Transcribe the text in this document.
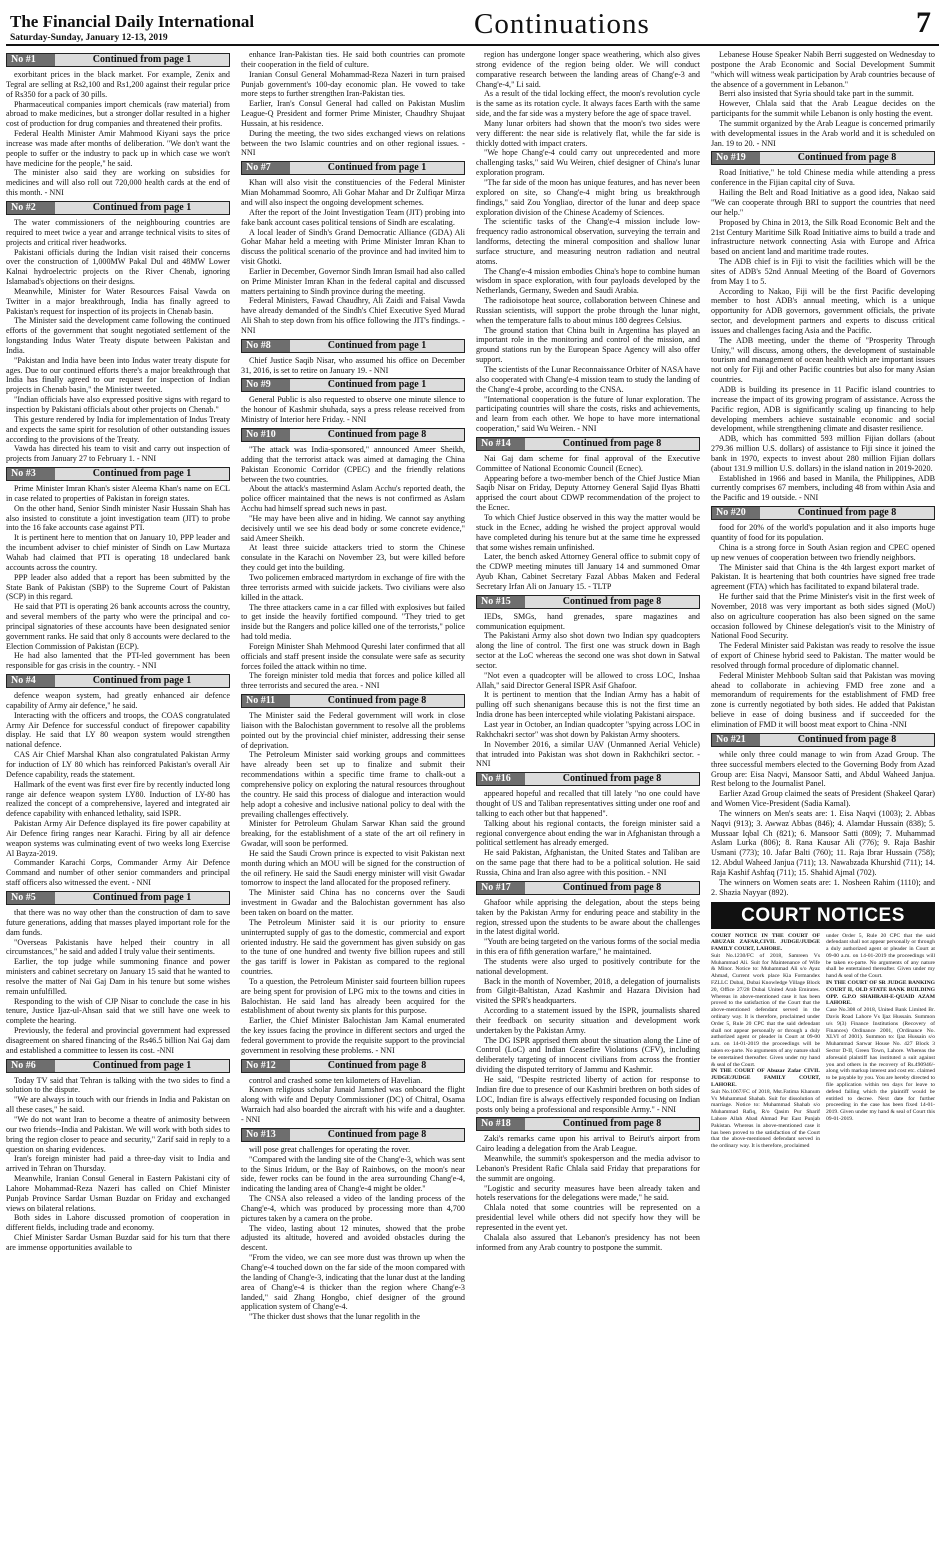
The Financial Daily International
Saturday-Sunday, January 12-13, 2019	Continuations	7
No #1	Continued from page 1

exorbitant prices in the black market. For example, Zenix and Tegral are selling at Rs2,100 and Rs1,200 against their regular price of Rs350 for a pack of 30 pills.

Pharmaceutical companies import chemicals (raw material) from abroad to make medicines, but a stronger dollar resulted in a higher cost of production for drug companies and threatened their profits.

Federal Health Minister Amir Mahmood Kiyani says the price increase was made after months of deliberation. "We don't want the people to suffer or the industry to pack up in which case we won't have medicine for the people," he said.

The minister also said they are working on subsidies for medicines and will also roll out 720,000 health cards at the end of this month. - NNI

No #2	Continued from page 1

The water commissioners of the neighbouring countries are required to meet twice a year and arrange technical visits to sites of projects and critical river headworks.

Pakistani officials during the Indian visit raised their concerns over the construction of 1,000MW Pakal Dul and 48MW Lower Kalnai hydroelectric projects on the River Chenab, ignoring Islamabad's objections on their designs.

Meanwhile, Minister for Water Resources Faisal Vawda on Twitter in a major breakthrough, India has finally agreed to Pakistan's request for inspection of its projects in Chenab basin.

The Minister said the development came following the continued efforts of the government that sought negotiated settlement of the longstanding Indus Water Treaty dispute between Pakistan and India.

"Pakistan and India have been into Indus water treaty dispute for ages. Due to our continued efforts there's a major breakthrough that India has finally agreed to our request for inspection of Indian projects in Chenab basin," the Minister tweeted.

"Indian officials have also expressed positive signs with regard to inspection by Pakistani officials about other projects on Chenab."

This gesture rendered by India for implementation of Indus Treaty and expects the same spirit for resolution of other outstanding issues according to the provisions of the Treaty.

Vawda has directed his team to visit and carry out inspection of projects from January 27 to February 1. - NNI

No #3	Continued from page 1

Prime Minister Imran Khan's sister Aleema Khan's name on ECL in case related to properties of Pakistan in foreign states.

On the other hand, Senior Sindh minister Nasir Hussain Shah has also insisted to constitute a joint investigation team (JIT) to probe into the 16 fake accounts case against PTI.

It is pertinent here to mention that on January 10, PPP leader and the incumbent adviser to chief minister of Sindh on Law Murtaza Wahab had claimed that PTI is operating 18 undeclared bank accounts across the country.

PPP leader also added that a report has been submitted by the State Bank of Pakistan (SBP) to the Supreme Court of Pakistan (SCP) in this regard.

He said that PTI is operating 26 bank accounts across the country, and several members of the party who were the principal and co-principal signatories of these accounts have been designated senior government ranks. He said that only 8 accounts were declared to the Election Commission of Pakistan (ECP).

He had also lamented that the PTI-led government has been responsible for gas crisis in the country. - NNI

No #4	Continued from page 1

defence weapon system, had greatly enhanced air defence capability of Army air defence," he said.

Interacting with the officers and troops, the COAS congratulated Army Air Defence for successful conduct of firepower capability display. He said that LY 80 weapon system would strengthen national defence.

CAS Air Chief Marshal Khan also congratulated Pakistan Army for induction of LY 80 which has reinforced Pakistan's overall Air Defence capability, reads the statement.

Hallmark of the event was first ever fire by recently inducted long range air defence weapon system LY80. Induction of LY-80 has realized the concept of a comprehensive, layered and integrated air defence capability with enhanced lethality, said ISPR.

Pakistan Army Air Defence displayed its fire power capability at Air Defence firing ranges near Karachi. Firing by all air defence weapon systems was culminating event of two weeks long Exercise Al Bayza-2019.

Commander Karachi Corps, Commander Army Air Defence Command and number of other senior commanders and principal staff officers also witnessed the event. - NNI

No #5	Continued from page 1

that there was no way other than the construction of dam to save future generations, adding that masses played important role for the dam funds.

"Overseas Pakistanis have helped their country in all circumstances," he said and added I truly value their sentiments.

Earlier, the top judge while summoning finance and power ministers and cabinet secretary on January 15 said that he wanted to resolve the matter of Nai Gaj Dam in his tenure but some wishes remain unfulfilled.

Responding to the wish of CJP Nisar to conclude the case in his tenure, Justice Ijaz-ul-Ahsan said that we still have one week to complete the hearing.

Previously, the federal and provincial government had expressed disagreement on shared financing of the Rs46.5 billion Nai Gaj dam and established a committee to lessen its cost. -NNI

No #6	Continued from page 1

Today TV said that Tehran is talking with the two sides to find a solution to the dispute.

"We are always in touch with our friends in India and Pakistan on all these cases," he said.

"We do not want Iran to become a theatre of animosity between our two friends--India and Pakistan. We will work with both sides to bring the region closer to peace and security," Zarif said in reply to a question on sharing evidences.

Iran's foreign minister had paid a three-day visit to India and arrived in Tehran on Thursday.

Meanwhile, Iranian Consul General in Eastern Pakistani city of Lahore Mohammad-Reza Nazeri has called on Chief Minister Punjab Province Sardar Usman Buzdar on Friday and exchanged views on bilateral relations.

Both sides in Lahore discussed promotion of cooperation in different fields, including trade and economy.

Chief Minister Sardar Usman Buzdar said for his turn that there are immense opportunities available to

enhance Iran-Pakistan ties. He said both countries can promote their cooperation in the field of culture.

Iranian Consul General Mohammad-Reza Nazeri in turn praised Punjab government's 100-day economic plan. He vowed to take more steps to further strengthen Iran-Pakistan ties.

Earlier, Iran's Consul General had called on Pakistan Muslim League-Q President and former Prime Minister, Chaudhry Shujaat Hussain, at his residence.

During the meeting, the two sides exchanged views on relations between the two Islamic countries and on other regional issues. - NNI

No #7	Continued from page 1

Khan will also visit the constituencies of the Federal Minister Mian Mohammad Soomro, Ali Gohar Mahar and Dr Zulfiqar Mirza and will also inspect the ongoing development schemes.

After the report of the Joint Investigation Team (JIT) probing into fake bank account cases political tensions of Sindh are escalating.

A local leader of Sindh's Grand Democratic Alliance (GDA) Ali Gohar Mahar held a meeting with Prime Minister Imran Khan to discuss the political scenario of the province and had invited him to visit Ghotki.

Earlier in December, Governor Sindh Imran Ismail had also called on Prime Minister Imran Khan in the federal capital and discussed matters pertaining to Sindh province during the meeting.

Federal Ministers, Fawad Chaudhry, Ali Zaidi and Faisal Vawda have already demanded of the Sindh's Chief Executive Syed Murad Ali Shah to step down from his office following the JIT's findings. - NNI

No #8	Continued from page 1

Chief Justice Saqib Nisar, who assumed his office on December 31, 2016, is set to retire on January 19. - NNI

No #9	Continued from page 1

General Public is also requested to observe one minute silence to the honour of Kashmir shuhada, says a press release received from Ministry of Interior here Friday. - NNI

No #10	Continued from page 8

"The attack was India-sponsored," announced Ameer Sheikh, adding that the terrorist attack was aimed at damaging the China Pakistan Economic Corridor (CPEC) and the friendly relations between the two countries.

About the attack's mastermind Aslam Acchu's reported death, the police officer maintained that the news is not confirmed as Aslam Acchu had himself spread such news in past.

"He may have been alive and in hiding. We cannot say anything decisively until we see his dead body or some concrete evidence," said Ameer Sheikh.

At least three suicide attackers tried to storm the Chinese consulate in the Karachi on November 23, but were killed before they could get into the building.

Two policemen embraced martyrdom in exchange of fire with the three terrorists armed with suicide jackets. Two civilians were also killed in the attack.

The three attackers came in a car filled with explosives but failed to get inside the heavily fortified compound. "They tried to get inside but the Rangers and police killed one of the terrorists," police had told media.

Foreign Minister Shah Mehmood Qureshi later confirmed that all officials and staff present inside the consulate were safe as security forces foiled the attack within no time.

The foreign minister told media that forces and police killed all three terrorists and secured the area. - NNI

No #11	Continued from page 8

The Minister said the Federal government will work in close liaison with the Balochistan government to resolve all the problems pointed out by the provincial chief minister, addressing their sense of deprivation.

The Petroleum Minister said working groups and committees have already been set up to finalize and submit their recommendations within a specific time frame to chalk-out a comprehensive policy on exploring the natural resources throughout the country. He said this process of dialogue and interaction would help adopt a cohesive and inclusive national policy to deal with the prevailing challenges effectively.

Minister for Petroleum Ghulam Sarwar Khan said the ground breaking, for the establishment of a state of the art oil refinery in Gwadar, will soon be performed.

He said the Saudi Crown prince is expected to visit Pakistan next month during which an MOU will be signed for the construction of the oil refinery. He said the Saudi energy minister will visit Gwadar tomorrow to inspect the land allocated for the proposed refinery.

The Minister said China has no concerns over the Saudi investment in Gwadar and the Balochistan government has also been taken on board on the matter.

The Petroleum Minister said it is our priority to ensure uninterrupted supply of gas to the domestic, commercial and export oriented industry. He said the government has given subsidy on gas to the tune of one hundred and twenty five billion rupees and still the gas tariff is lower in Pakistan as compared to the regional countries.

To a question, the Petroleum Minister said fourteen billion rupees are being spent for provision of LPG mix to the towns and cities in Balochistan. He said land has already been acquired for the establishment of about twenty six plants for this purpose.

Earlier, the Chief Minister Balochistan Jam Kamal enumerated the key issues facing the province in different sectors and urged the federal government to provide the requisite support to the provincial government in resolving these problems. - NNI

No #12	Continued from page 8

control and crashed some ten kilometers of Havelian.

Known religious scholar Junaid Jamshed was onboard the flight along with wife and Deputy Commissioner (DC) of Chitral, Osama Warraich had also boarded the aircraft with his wife and a daughter. - NNI

No #13	Continued from page 8

will pose great challenges for operating the rover.

"Compared with the landing site of the Chang'e-3, which was sent to the Sinus Iridum, or the Bay of Rainbows, on the moon's near side, fewer rocks can be found in the area surrounding Chang'e-4, indicating the landing area of Chang'e-4 might be older."

The CNSA also released a video of the landing process of the Chang'e-4, which was produced by processing more than 4,700 pictures taken by a camera on the probe.

The video, lasting about 12 minutes, showed that the probe adjusted its altitude, hovered and avoided obstacles during the descent.

"From the video, we can see more dust was thrown up when the Chang'e-4 touched down on the far side of the moon compared with the landing of Chang'e-3, indicating that the lunar dust at the landing area of Chang'e-4 is thicker than the region where Chang'e-3 landed," said Zhang Hongbo, chief designer of the ground application system of Chang'e-4.

"The thicker dust shows that the lunar regolith in the

region has undergone longer space weathering, which also gives strong evidence of the region being older. We will conduct comparative research between the landing areas of Chang'e-3 and Chang'e-4," Li said.

As a result of the tidal locking effect, the moon's revolution cycle is the same as its rotation cycle. It always faces Earth with the same side, and the far side was a mystery before the age of space travel.

Many lunar orbiters had shown that the moon's two sides were very different: the near side is relatively flat, while the far side is thickly dotted with impact craters.

"We hope Chang'e-4 could carry out unprecedented and more challenging tasks," said Wu Weiren, chief designer of China's lunar exploration program.

"The far side of the moon has unique features, and has never been explored on site, so Chang'e-4 might bring us breakthrough findings," said Zou Yongliao, director of the lunar and deep space exploration division of the Chinese Academy of Sciences.

The scientific tasks of the Chang'e-4 mission include low-frequency radio astronomical observation, surveying the terrain and landforms, detecting the mineral composition and shallow lunar surface structure, and measuring neutron radiation and neutral atoms.

The Chang'e-4 mission embodies China's hope to combine human wisdom in space exploration, with four payloads developed by the Netherlands, Germany, Sweden and Saudi Arabia.

The radioisotope heat source, collaboration between Chinese and Russian scientists, will support the probe through the lunar night, when the temperature falls to about minus 180 degrees Celsius.

The ground station that China built in Argentina has played an important role in the monitoring and control of the mission, and ground stations run by the European Space Agency will also offer support.

The scientists of the Lunar Reconnaissance Orbiter of NASA have also cooperated with Chang'e-4 mission team to study the landing of the Chang'e-4 probe, according to the CNSA.

"International cooperation is the future of lunar exploration. The participating countries will share the costs, risks and achievements, and learn from each other. We hope to have more international cooperation," said Wu Weiren. - NNI

No #14	Continued from page 8

Nai Gaj dam scheme for final approval of the Executive Committee of National Economic Council (Ecnec).

Appearing before a two-member bench of the Chief Justice Mian Saqib Nisar on Friday, Deputy Attorney General Sajid Ilyas Bhatti apprised the court about CDWP recommendation of the project to the Ecnec.

To which Chief Justice observed in this way the matter would be stuck in the Ecnec, adding he wished the project approval would have completed during his tenure but at the same time he expressed that some wishes remain unfinished.

Later, the bench asked Attorney General office to submit copy of the CDWP meeting minutes till January 14 and summoned Omar Ayub Khan, Cabinet Secretary Fazal Abbas Maken and Federal Secretary Irfan Ali on January 15. - TLTP

No #15	Continued from page 8

IEDs, SMGs, hand grenades, spare magazines and communication equipment.

The Pakistani Army also shot down two Indian spy quadcopters along the line of control. The first one was struck down in Bagh sector at the LoC whereas the second one was shot down in Satwal sector.

"Not even a quadcopter will be allowed to cross LOC, Inshaa Allah," said Director General ISPR Asif Ghafoor.

It is pertinent to mention that the Indian Army has a habit of pulling off such shenanigans because this is not the first time an India drone has been intercepted while violating Pakistani airspace.

Last year in October, an Indian quadcopter "spying across LOC in Rakhchakri sector" was shot down by Pakistan Army shooters.

In November 2016, a similar UAV (Unmanned Aerial Vehicle) that intruded into Pakistan was shot down in Rakhchikri sector. - NNI

No #16	Continued from page 8

appeared hopeful and recalled that till lately "no one could have thought of US and Taliban representatives sitting under one roof and talking to each other but that happened".

Talking about his regional contacts, the foreign minister said a regional convergence about ending the war in Afghanistan through a political settlement has already emerged.

He said Pakistan, Afghanistan, the United States and Taliban are on the same page that there had to be a political solution. He said Russia, China and Iran also agree with this position. - NNI

No #17	Continued from page 8

Ghafoor while apprising the delegation, about the steps being taken by the Pakistan Army for enduring peace and stability in the region, stressed upon the students to be aware about the challenges in the latest digital world.

"Youth are being targeted on the various forms of the social media in this era of fifth generation warfare," he maintained.

The students were also urged to positively contribute for the national development.

Back in the month of November, 2018, a delegation of journalists from Gilgit-Baltistan, Azad Kashmir and Hazara Division had visited the SPR's headquarters.

According to a statement issued by the ISPR, journalists shared their feedback on security situation and development work undertaken by the Pakistan Army.

The DG ISPR apprised them about the situation along the Line of Control (LoC) and Indian Ceasefire Violations (CFV), including deliberately targeting of innocent civilians from across the frontier dividing the disputed territory of Jammu and Kashmir.

He said, "Despite restricted liberty of action for response to Indian fire due to presence of our Kashmiri brethren on both sides of LOC, Indian fire is always effectively responded focusing on Indian posts only being a professional and responsible Army." - NNI

No #18	Continued from page 8

Zaki's remarks came upon his arrival to Beirut's airport from Cairo leading a delegation from the Arab League.

Meanwhile, the summit's spokesperson and the media advisor to Lebanon's President Rafic Chlala said Friday that preparations for the summit are ongoing.

"Logistic and security measures have been already taken and hotels reservations for the delegations were made," he said.

Chlala noted that some countries will be represented on a presidential level while others did not specify how they will be represented in the event yet.

Chalala also assured that Lebanon's presidency has not been informed from any Arab country to postpone the summit.

Lebanese House Speaker Nabih Berri suggested on Wednesday to postpone the Arab Economic and Social Development Summit "which will witness weak participation by Arab countries because of the absence of a government in Lebanon."

Berri also insisted that Syria should take part in the summit.

However, Chlala said that the Arab League decides on the participants for the summit while Lebanon is only hosting the event.

The summit organized by the Arab League is concerned primarily with developmental issues in the Arab world and it is scheduled on Jan. 19 to 20. - NNI

No #19	Continued from page 8

Road Initiative," he told Chinese media while attending a press conference in the Fijian capital city of Suva.

Hailing the Belt and Road Initiative as a good idea, Nakao said "We can cooperate through BRI to support the countries that need our help."

Proposed by China in 2013, the Silk Road Economic Belt and the 21st Century Maritime Silk Road Initiative aims to build a trade and infrastructure network connecting Asia with Europe and Africa based on ancient land and maritime trade routes.

The ADB chief is in Fiji to visit the facilities which will be the sites of ADB's 52nd Annual Meeting of the Board of Governors from May 1 to 5.

According to Nakao, Fiji will be the first Pacific developing member to host ADB's annual meeting, which is a unique opportunity for ADB governors, government officials, the private sector, and development partners and experts to discuss critical issues and challenges facing Asia and the Pacific.

The ADB meeting, under the theme of "Prosperity Through Unity," will discuss, among others, the development of sustainable tourism and management of ocean health which are important issues not only for Fiji and other Pacific countries but also for many Asian countries.

ADB is building its presence in 11 Pacific island countries to increase the impact of its growing program of assistance. Across the Pacific region, ADB is significantly scaling up financing to help developing members achieve sustainable economic and social development, while strengthening climate and disaster resilience.

ADB, which has committed 593 million Fijian dollars (about 279.36 million U.S. dollars) of assistance to Fiji since it joined the bank in 1970, expects to invest about 280 million Fijian dollars (about 131.9 million U.S. dollars) in the island nation in 2019-2020.

Established in 1966 and based in Manila, the Philippines, ADB currently comprises 67 members, including 48 from within Asia and the Pacific and 19 outside. - NNI

No #20	Continued from page 8

food for 20% of the world's population and it also imports huge quantity of food for its population.

China is a strong force in South Asian region and CPEC opened up new venues of cooperation between two friendly neighbors.

The Minister said that China is the 4th largest export market of Pakistan. It is heartening that both countries have signed free trade agreement (FTA) which has facilitated to expand bilateral trade.

He further said that the Prime Minister's visit in the first week of November, 2018 was very important as both sides signed (MoU) also on agriculture cooperation has also been signed on the same occasion followed by Chinese delegation's visit to the Ministry of National Food Security.

The Federal Minister said Pakistan was ready to resolve the issue of export of Chinese hybrid seed to Pakistan. The matter would be resolved through formal procedure of diplomatic channel.

Federal Minister Mehboob Sultan said that Pakistan was moving ahead to collaborate in achieving FMD free zone and a memorandum of requirements for the establishment of FMD free zone is currently negotiated by both sides. He added that Pakistan believe in ease of doing business and if succeeded for the elimination of FMD it will boost meat export to China -NNI

No #21	Continued from page 8

while only three could manage to win from Azad Group. The three successful members elected to the Governing Body from Azad Group are: Eisa Naqvi, Mansoor Satti, and Abdul Waheed Janjua. Rest belong to the Journalist Panel.

Earlier Azad Group claimed the seats of President (Shakeel Qarar) and Women Vice-President (Sadia Kamal).

The winners on Men's seats are: 1. Eisa Naqvi (1003); 2. Abbas Naqvi (913); 3. Awwaz Abbas (846); 4. Alamdar Hussain (838); 5. Mussaar Iqbal Ch (821); 6. Mansoor Satti (809); 7. Muhammad Aslam Lurka (806); 8. Rana Kausar Ali (776); 9. Raja Bashir Usmani (773); 10. Jafar Balti (760); 11. Raja Ibrar Hussain (758); 12. Abdul Waheed Janjua (711); 13. Nawabzada Khurshid (711); 14. Raja Kashif Ashfaq (711); 15. Shahid Ajmal (702).

The winners on Women seats are: 1. Nosheen Rahim (1110); and 2. Shazia Nayyar (892).

COURT NOTICES
COURT NOTICE IN THE COURT OF ABUZAR ZAFAR,CIVIL JUDGE/JUDGE FAMILY COURT, LAHORE.
Suit No.1230/FC of 2018, Samreen Vs Muhammad Ali. Suit for Maintenance of Wife & Minor. Notice to: Muhammad Ali s/o Ayaz Ahmad, Current work place Kia Formandex FZLLC Dubai, Dubai Knowledge Village Block 20, Office 27/28 Dubai United Arab Emirates. Whereas in above-mentioned case it has been proved to the satisfaction of the Court that the above-mentioned defendant served in the ordinary way. It is therefore, proclaimed under Order 5, Rule 20 CPC that the said defendant shall not appear personally or through a duly authorized agent or pleader in Court at 09-00 a.m. on 14-01-2019 the proceedings will be taken ex-parte. No arguments of any nature shall be entertained thereafter. Given under my hand & seal of the Court.
IN THE COURT OF Abuzar Zafar CIVIL JUDGE/JUDGE FAMILY COURT, LAHORE.
Suit No.1067/FC of 2018, Mst.Fatima Khanum Vs Muhammad Shahab. Suit for dissolution of marriage. Notice to: Muhammad Shahab s/o Muhammad Rafiq, R/o Qasim Pur Sharif Lahore Allah Abad Ahmad Pur East Punjab Pakistan. Whereas in above-mentioned case it has been proved to the satisfaction of the Court that the above-mentioned defendant served in the ordinary way. It is therefore, proclaimed
under Order 5, Rule 20 CPC that the said defendant shall not appear personally or through a duly authorized agent or pleader in Court at 09-00 a.m. on 14-01-2019 the proceedings will be taken ex-parte. No arguments of any nature shall be entertained thereafter. Given under my hand & seal of the Court.
IN THE COURT OF SR JUDGE BANKING COURT II, OLD STATE BANK BUILDING OPP. G.P.O SHAHRAH-E-QUAID AZAM LAHORE.
Case No.308 of 2018, United Bank Limited Br. Davis Road Lahore Vs Ijaz Hussain. Summon u/s 9(3) Finance Institutions (Recovery of Finances) Ordinance 2001, (Ordinance No. XLVI of 2001). Summon to: Ijaz Hussain s/o Muhammad Sarwar House No. 427 Block 3 Sector D-II, Green Town, Lahore. Whereas the aforesaid plaintiff has instituted a suit against you and others in the recovery of Rs.490946/- along with markup interest and cost etc. claimed to be payable by you. You are hereby directed to file application within ten days for leave to defend failing which the plaintiff would be entitled to decree. Next date for further proceeding in the case has been fixed 14-01-2019. Given under my hand & seal of Court this 09-01-2019.
